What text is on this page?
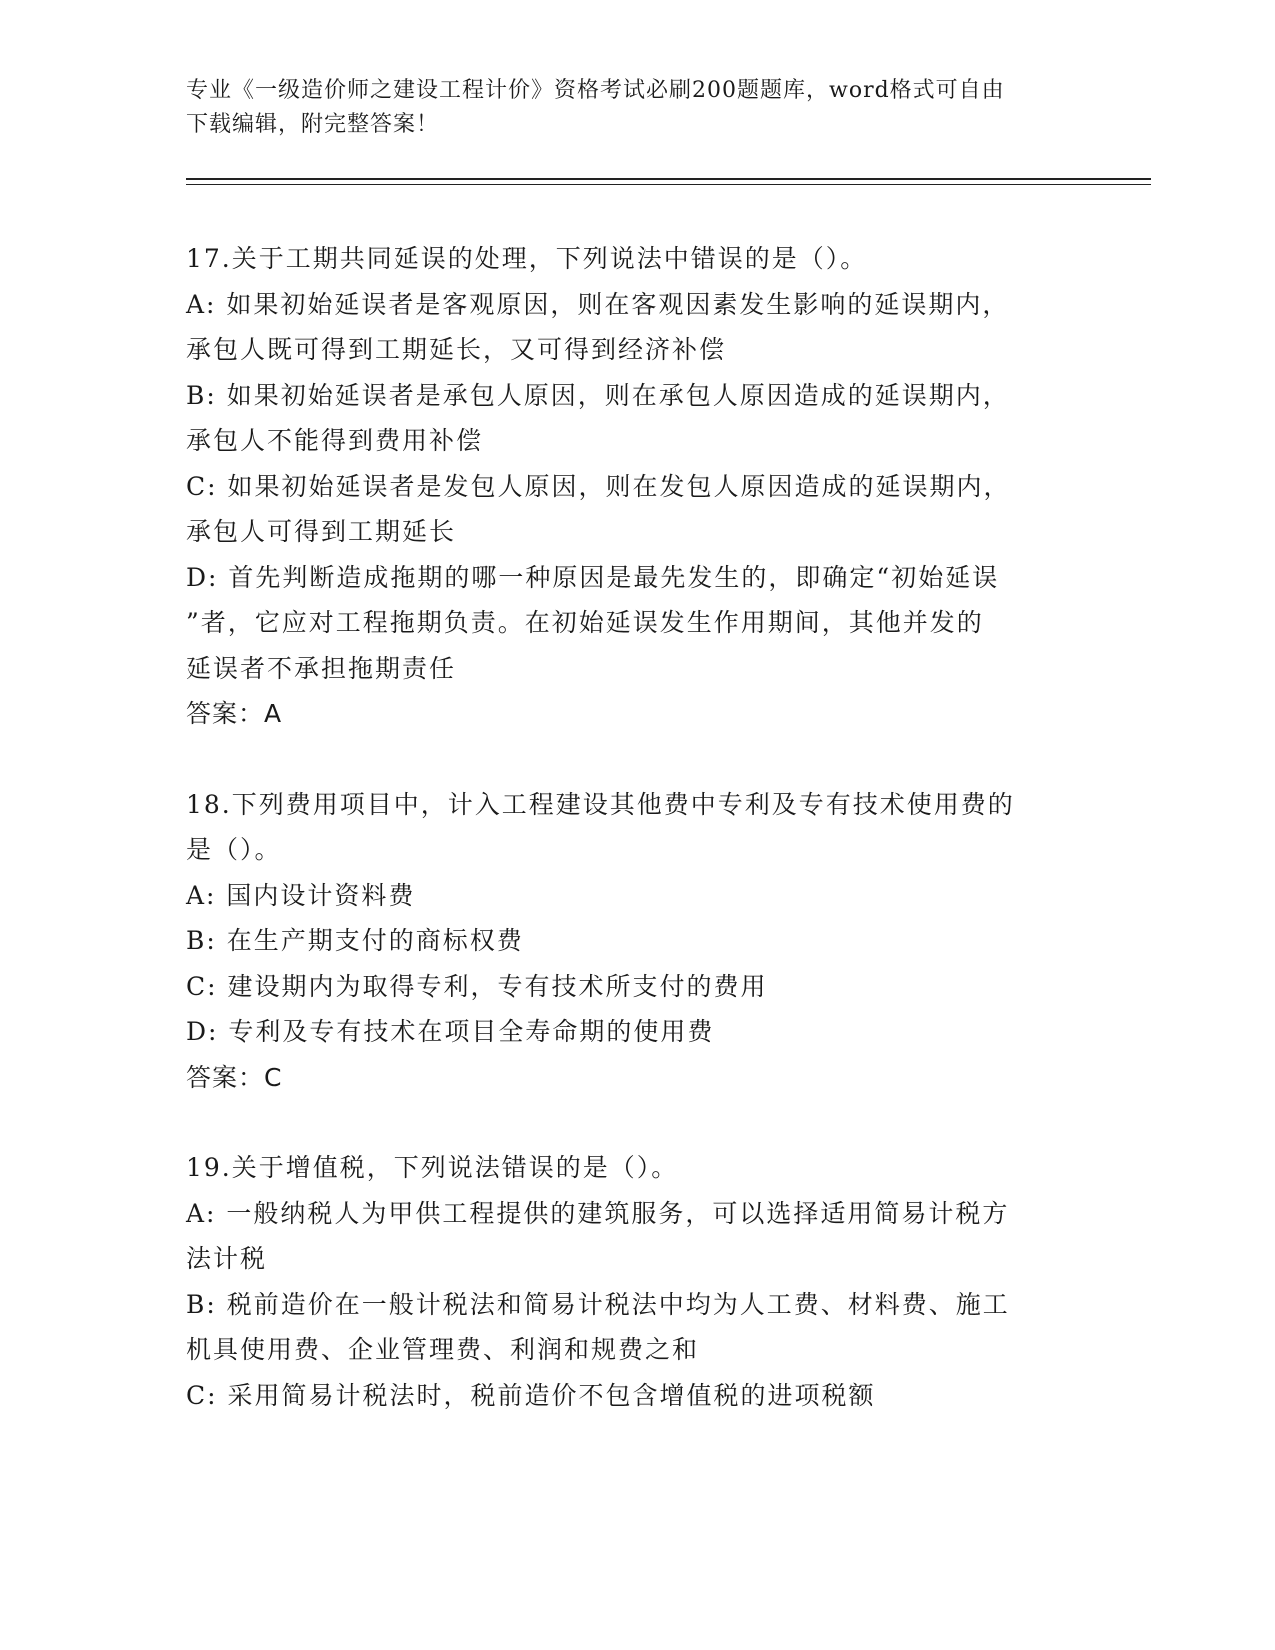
专业《一级造价师之建设工程计价》资格考试必刷200题题库，word格式可自由
下载编辑，附完整答案！
17.关于工期共同延误的处理，下列说法中错误的是（）。
A: 如果初始延误者是客观原因，则在客观因素发生影响的延误期内，
承包人既可得到工期延长，又可得到经济补偿
B: 如果初始延误者是承包人原因，则在承包人原因造成的延误期内，
承包人不能得到费用补偿
C: 如果初始延误者是发包人原因，则在发包人原因造成的延误期内，
承包人可得到工期延长
D: 首先判断造成拖期的哪一种原因是最先发生的，即确定“初始延误
”者，它应对工程拖期负责。在初始延误发生作用期间，其他并发的
延误者不承担拖期责任
答案：A
18.下列费用项目中，计入工程建设其他费中专利及专有技术使用费的
是（）。
A: 国内设计资料费
B: 在生产期支付的商标权费
C: 建设期内为取得专利，专有技术所支付的费用
D: 专利及专有技术在项目全寿命期的使用费
答案：C
19.关于增值税，下列说法错误的是（）。
A: 一般纳税人为甲供工程提供的建筑服务，可以选择适用简易计税方
法计税
B: 税前造价在一般计税法和简易计税法中均为人工费、材料费、施工
机具使用费、企业管理费、利润和规费之和
C: 采用简易计税法时，税前造价不包含增值税的进项税额
